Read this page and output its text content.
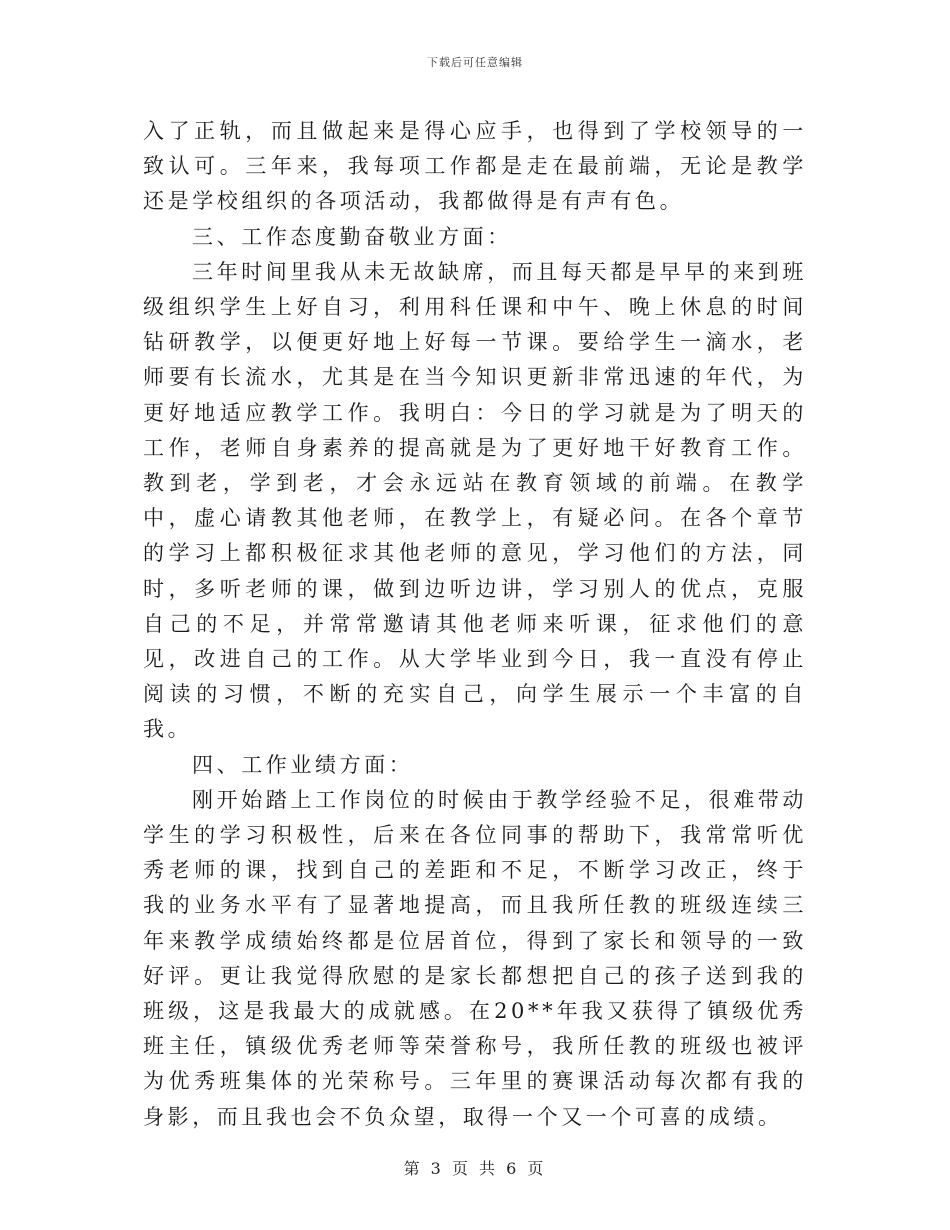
下载后可任意编辑

入了正轨，而且做起来是得心应手，也得到了学校领导的一致认可。三年来，我每项工作都是走在最前端，无论是教学还是学校组织的各项活动，我都做得是有声有色。

三、工作态度勤奋敬业方面：

三年时间里我从未无故缺席，而且每天都是早早的来到班级组织学生上好自习，利用科任课和中午、晚上休息的时间钻研教学，以便更好地上好每一节课。要给学生一滴水，老师要有长流水，尤其是在当今知识更新非常迅速的年代，为更好地适应教学工作。我明白：今日的学习就是为了明天的工作，老师自身素养的提高就是为了更好地干好教育工作。教到老，学到老，才会永远站在教育领域的前端。在教学中，虚心请教其他老师，在教学上，有疑必问。在各个章节的学习上都积极征求其他老师的意见，学习他们的方法，同时，多听老师的课，做到边听边讲，学习别人的优点，克服自己的不足，并常常邀请其他老师来听课，征求他们的意见，改进自己的工作。从大学毕业到今日，我一直没有停止阅读的习惯，不断的充实自己，向学生展示一个丰富的自我。

四、工作业绩方面：

刚开始踏上工作岗位的时候由于教学经验不足，很难带动学生的学习积极性，后来在各位同事的帮助下，我常常听优秀老师的课，找到自己的差距和不足，不断学习改正，终于我的业务水平有了显著地提高，而且我所任教的班级连续三年来教学成绩始终都是位居首位，得到了家长和领导的一致好评。更让我觉得欣慰的是家长都想把自己的孩子送到我的班级，这是我最大的成就感。在20**年我又获得了镇级优秀班主任，镇级优秀老师等荣誉称号，我所任教的班级也被评为优秀班集体的光荣称号。三年里的赛课活动每次都有我的身影，而且我也会不负众望，取得一个又一个可喜的成绩。

第 3 页 共 6 页
